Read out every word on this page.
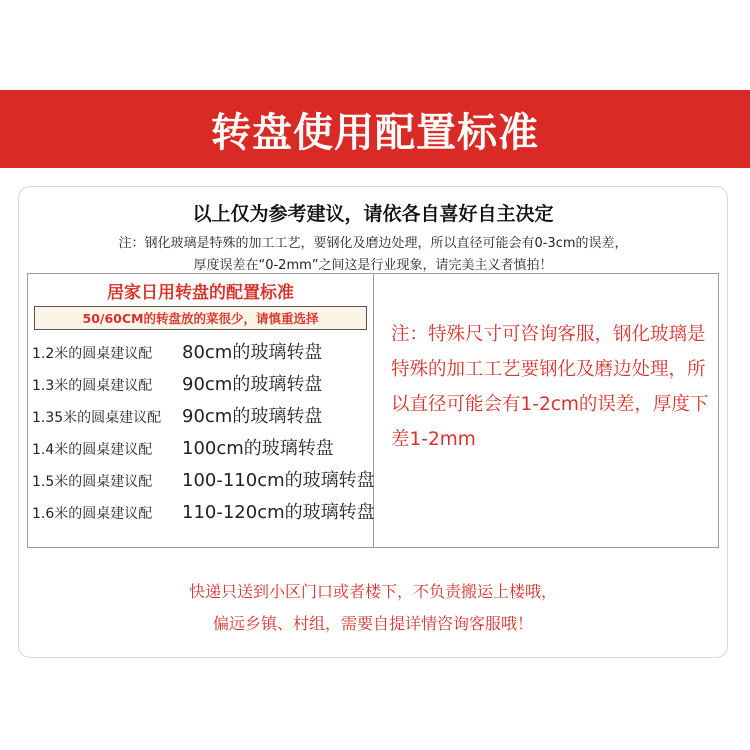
转盘使用配置标准
以上仅为参考建议，请依各自喜好自主决定
注：钢化玻璃是特殊的加工工艺，要钢化及磨边处理，所以直径可能会有0-3cm的误差，
厚度误差在“0-2mm”之间这是行业现象，请完美主义者慎拍！
居家日用转盘的配置标准
50/60CM的转盘放的菜很少，请慎重选择
1.2米的圆桌建议配 80cm的玻璃转盘
1.3米的圆桌建议配 90cm的玻璃转盘
1.35米的圆桌建议配 90cm的玻璃转盘
1.4米的圆桌建议配 100cm的玻璃转盘
1.5米的圆桌建议配 100-110cm的玻璃转盘
1.6米的圆桌建议配 110-120cm的玻璃转盘
注：特殊尺寸可咨询客服，钢化玻璃是特殊的加工工艺要钢化及磨边处理，所以直径可能会有1-2cm的误差，厚度下差1-2mm
快递只送到小区门口或者楼下，不负责搬运上楼哦，
偏远乡镇、村组，需要自提详情咨询客服哦！
